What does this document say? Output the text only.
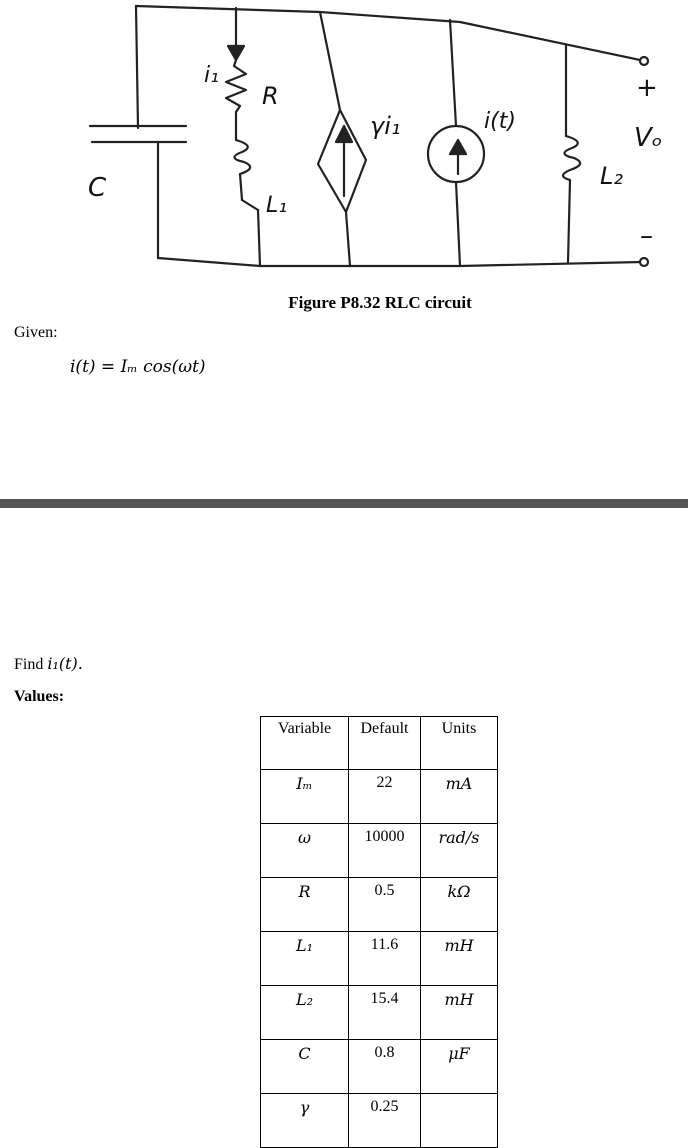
i₁
R
L₁
γi₁	i(t)
L₂
C
+
Vₒ
–
Figure P8.32 RLC circuit
Given:
i(t) = Iₘ cos(ωt)
Find i₁(t).
Values:
Variable	Default	Units
Iₘ	22	mA
ω	10000	rad/s
R	0.5	kΩ
L₁	11.6	mH
L₂	15.4	mH
C	0.8	μF
γ	0.25	
